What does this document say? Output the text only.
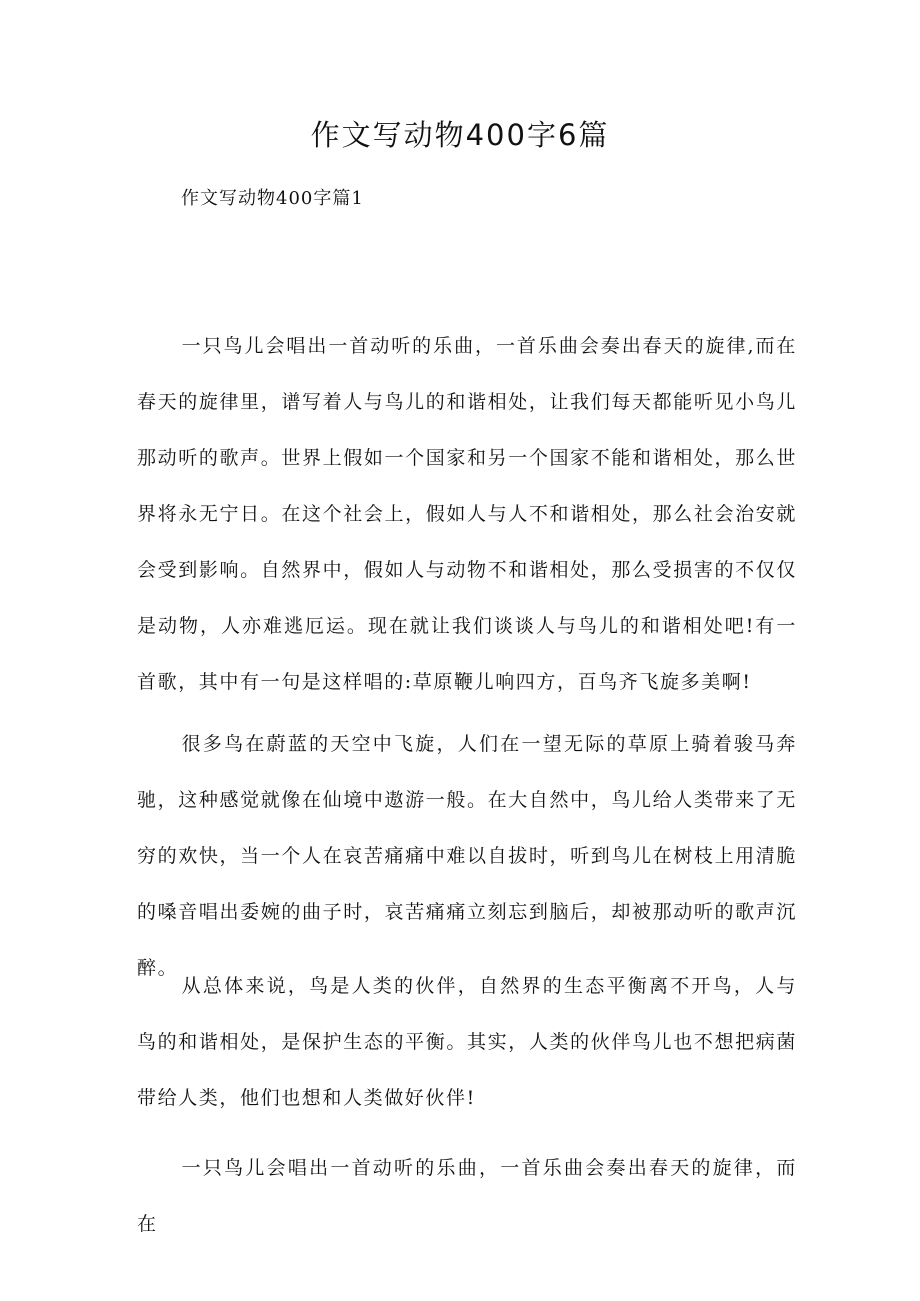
作文写动物400字6篇

作文写动物400字篇1

一只鸟儿会唱出一首动听的乐曲，一首乐曲会奏出春天的旋律,而在春天的旋律里，谱写着人与鸟儿的和谐相处，让我们每天都能听见小鸟儿那动听的歌声。世界上假如一个国家和另一个国家不能和谐相处，那么世界将永无宁日。在这个社会上，假如人与人不和谐相处，那么社会治安就会受到影响。自然界中，假如人与动物不和谐相处，那么受损害的不仅仅是动物，人亦难逃厄运。现在就让我们谈谈人与鸟儿的和谐相处吧!有一首歌，其中有一句是这样唱的:草原鞭儿响四方，百鸟齐飞旋多美啊!

很多鸟在蔚蓝的天空中飞旋，人们在一望无际的草原上骑着骏马奔驰，这种感觉就像在仙境中遨游一般。在大自然中，鸟儿给人类带来了无穷的欢快，当一个人在哀苦痛痛中难以自拔时，听到鸟儿在树枝上用清脆的嗓音唱出委婉的曲子时，哀苦痛痛立刻忘到脑后，却被那动听的歌声沉醉。

从总体来说，鸟是人类的伙伴，自然界的生态平衡离不开鸟，人与鸟的和谐相处，是保护生态的平衡。其实，人类的伙伴鸟儿也不想把病菌带给人类，他们也想和人类做好伙伴!

一只鸟儿会唱出一首动听的乐曲，一首乐曲会奏出春天的旋律，而在
